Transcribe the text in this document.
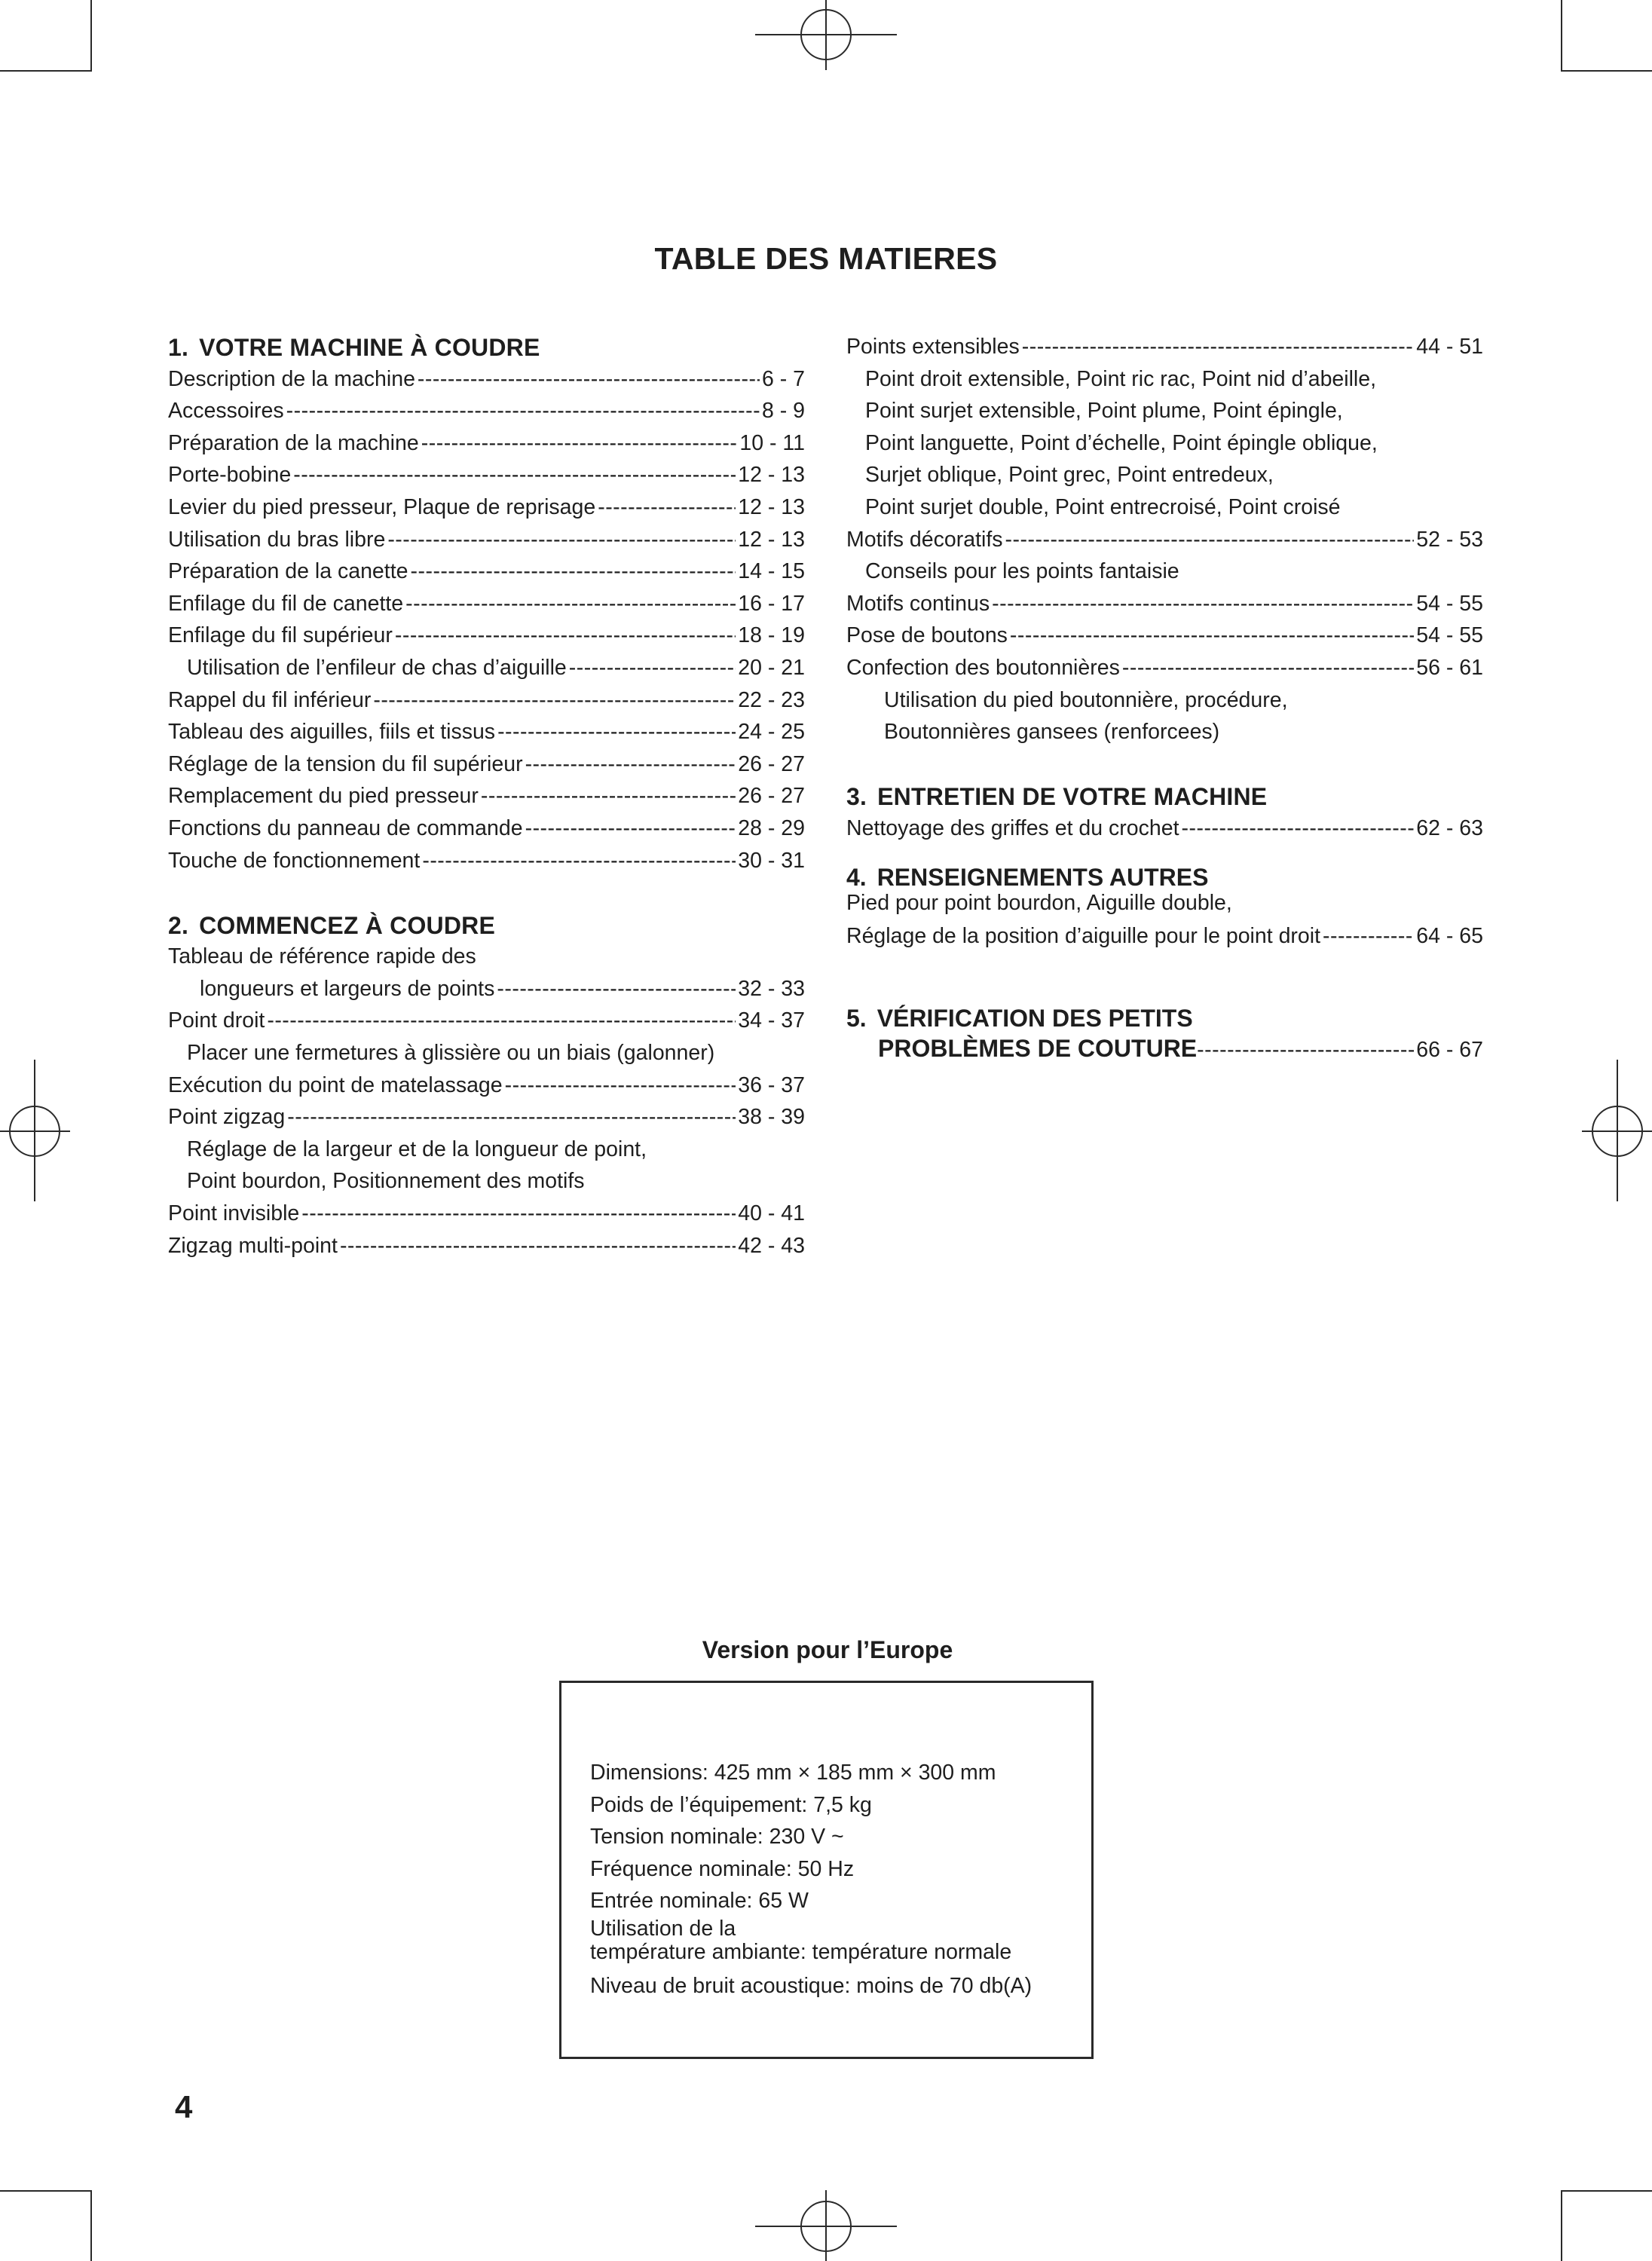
TABLE DES MATIERES
1. VOTRE MACHINE À COUDRE
Description de la machine -----	6 - 7
Accessoires -----	8 - 9
Préparation de la machine -----	10 - 11
Porte-bobine -----	12 - 13
Levier du pied presseur, Plaque de reprisage -----	12 - 13
Utilisation du bras libre -----	12 - 13
Préparation de la canette -----	14 - 15
Enfilage du fil de canette -----	16 - 17
Enfilage du fil supérieur -----	18 - 19
Utilisation de l’enfileur de chas d’aiguille -----	20 - 21
Rappel du fil inférieur -----	22 - 23
Tableau des aiguilles, fiils et tissus -----	24 - 25
Réglage de la tension du fil supérieur -----	26 - 27
Remplacement du pied presseur -----	26 - 27
Fonctions du panneau de commande -----	28 - 29
Touche de fonctionnement -----	30 - 31
2. COMMENCEZ À COUDRE
Tableau de référence rapide des
longueurs et largeurs de points -----	32 - 33
Point droit -----	34 - 37
Placer une fermetures à glissière ou un biais (galonner)
Exécution du point de matelassage -----	36 - 37
Point zigzag -----	38 - 39
Réglage de la largeur et de la longueur de point,
Point bourdon, Positionnement des motifs
Point invisible -----	40 - 41
Zigzag multi-point -----	42 - 43
Points extensibles -----	44 - 51
Point droit extensible, Point ric rac, Point nid d’abeille,
Point surjet extensible, Point plume, Point épingle,
Point languette, Point d’échelle, Point épingle oblique,
Surjet oblique, Point grec, Point entredeux,
Point surjet double, Point entrecroisé, Point croisé
Motifs décoratifs -----	52 - 53
Conseils pour les points fantaisie
Motifs continus -----	54 - 55
Pose de boutons -----	54 - 55
Confection des boutonnières -----	56 - 61
Utilisation du pied boutonnière, procédure,
Boutonnières gansees (renforcees)
3. ENTRETIEN DE VOTRE MACHINE
Nettoyage des griffes et du crochet -----	62 - 63
4. RENSEIGNEMENTS AUTRES
Pied pour point bourdon, Aiguille double,
Réglage de la position d’aiguille pour le point droit -----	64 - 65
5. VÉRIFICATION DES PETITS
PROBLÈMES DE COUTURE -----	66 - 67
Version pour l’Europe
Dimensions: 425 mm × 185 mm × 300 mm
Poids de l’équipement: 7,5 kg
Tension nominale: 230 V ~
Fréquence nominale: 50 Hz
Entrée nominale: 65 W
Utilisation de la
température ambiante: température normale
Niveau de bruit acoustique: moins de 70 db(A)
4
